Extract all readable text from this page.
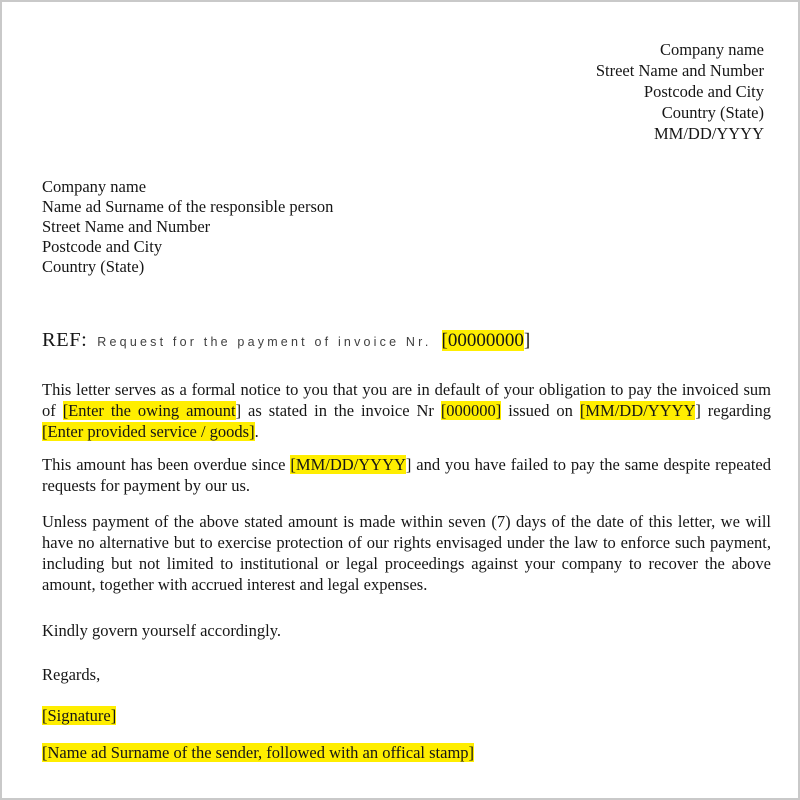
Company name
Street Name and Number
Postcode and City
Country (State)
MM/DD/YYYY
Company name
Name ad Surname of the responsible person
Street Name and Number
Postcode and City
Country (State)
REF: Request for the payment of invoice Nr. [00000000]

This letter serves as a formal notice to you that you are in default of your obligation to pay the invoiced sum of [Enter the owing amount] as stated in the invoice Nr [000000] issued on [MM/DD/YYYY] regarding [Enter provided service / goods].

This amount has been overdue since [MM/DD/YYYY] and you have failed to pay the same despite repeated requests for payment by our us.

Unless payment of the above stated amount is made within seven (7) days of the date of this letter, we will have no alternative but to exercise protection of our rights envisaged under the law to enforce such payment, including but not limited to institutional or legal proceedings against your company to recover the above amount, together with accrued interest and legal expenses.

Kindly govern yourself accordingly.

Regards,

[Signature]

[Name ad Surname of the sender, followed with an offical stamp]
